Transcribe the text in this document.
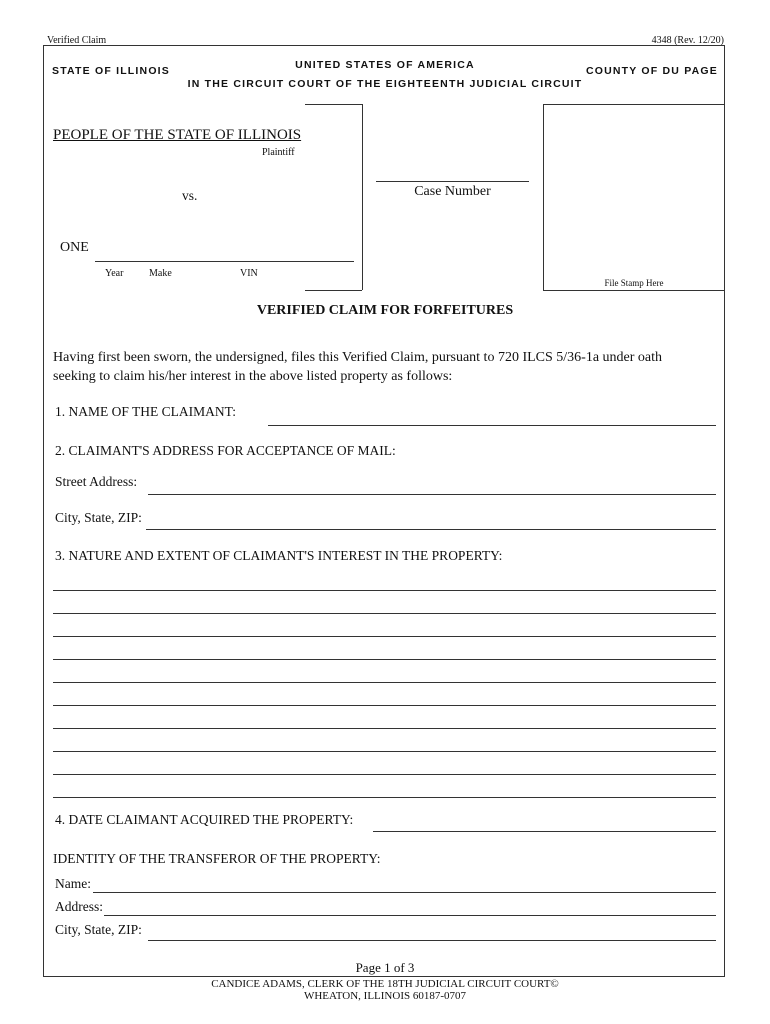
Verified Claim	4348 (Rev. 12/20)
STATE OF ILLINOIS	UNITED STATES OF AMERICA
IN THE CIRCUIT COURT OF THE EIGHTEENTH JUDICIAL CIRCUIT
COUNTY OF DU PAGE
PEOPLE OF THE STATE OF ILLINOIS
Plaintiff
vs.	Case Number
ONE
Year	Make	VIN
File Stamp Here
VERIFIED CLAIM FOR FORFEITURES
Having first been sworn, the undersigned, files this Verified Claim, pursuant to 720 ILCS 5/36-1a under oath
seeking to claim his/her interest in the above listed property as follows:
1. NAME OF THE CLAIMANT:
2. CLAIMANT'S ADDRESS FOR ACCEPTANCE OF MAIL:
Street Address:
City, State, ZIP:
3. NATURE AND EXTENT OF CLAIMANT'S INTEREST IN THE PROPERTY:
4. DATE CLAIMANT ACQUIRED THE PROPERTY:
IDENTITY OF THE TRANSFEROR OF THE PROPERTY:
Name:
Address:
City, State, ZIP:
Page 1 of 3
CANDICE ADAMS, CLERK OF THE 18TH JUDICIAL CIRCUIT COURT©
WHEATON, ILLINOIS 60187-0707
